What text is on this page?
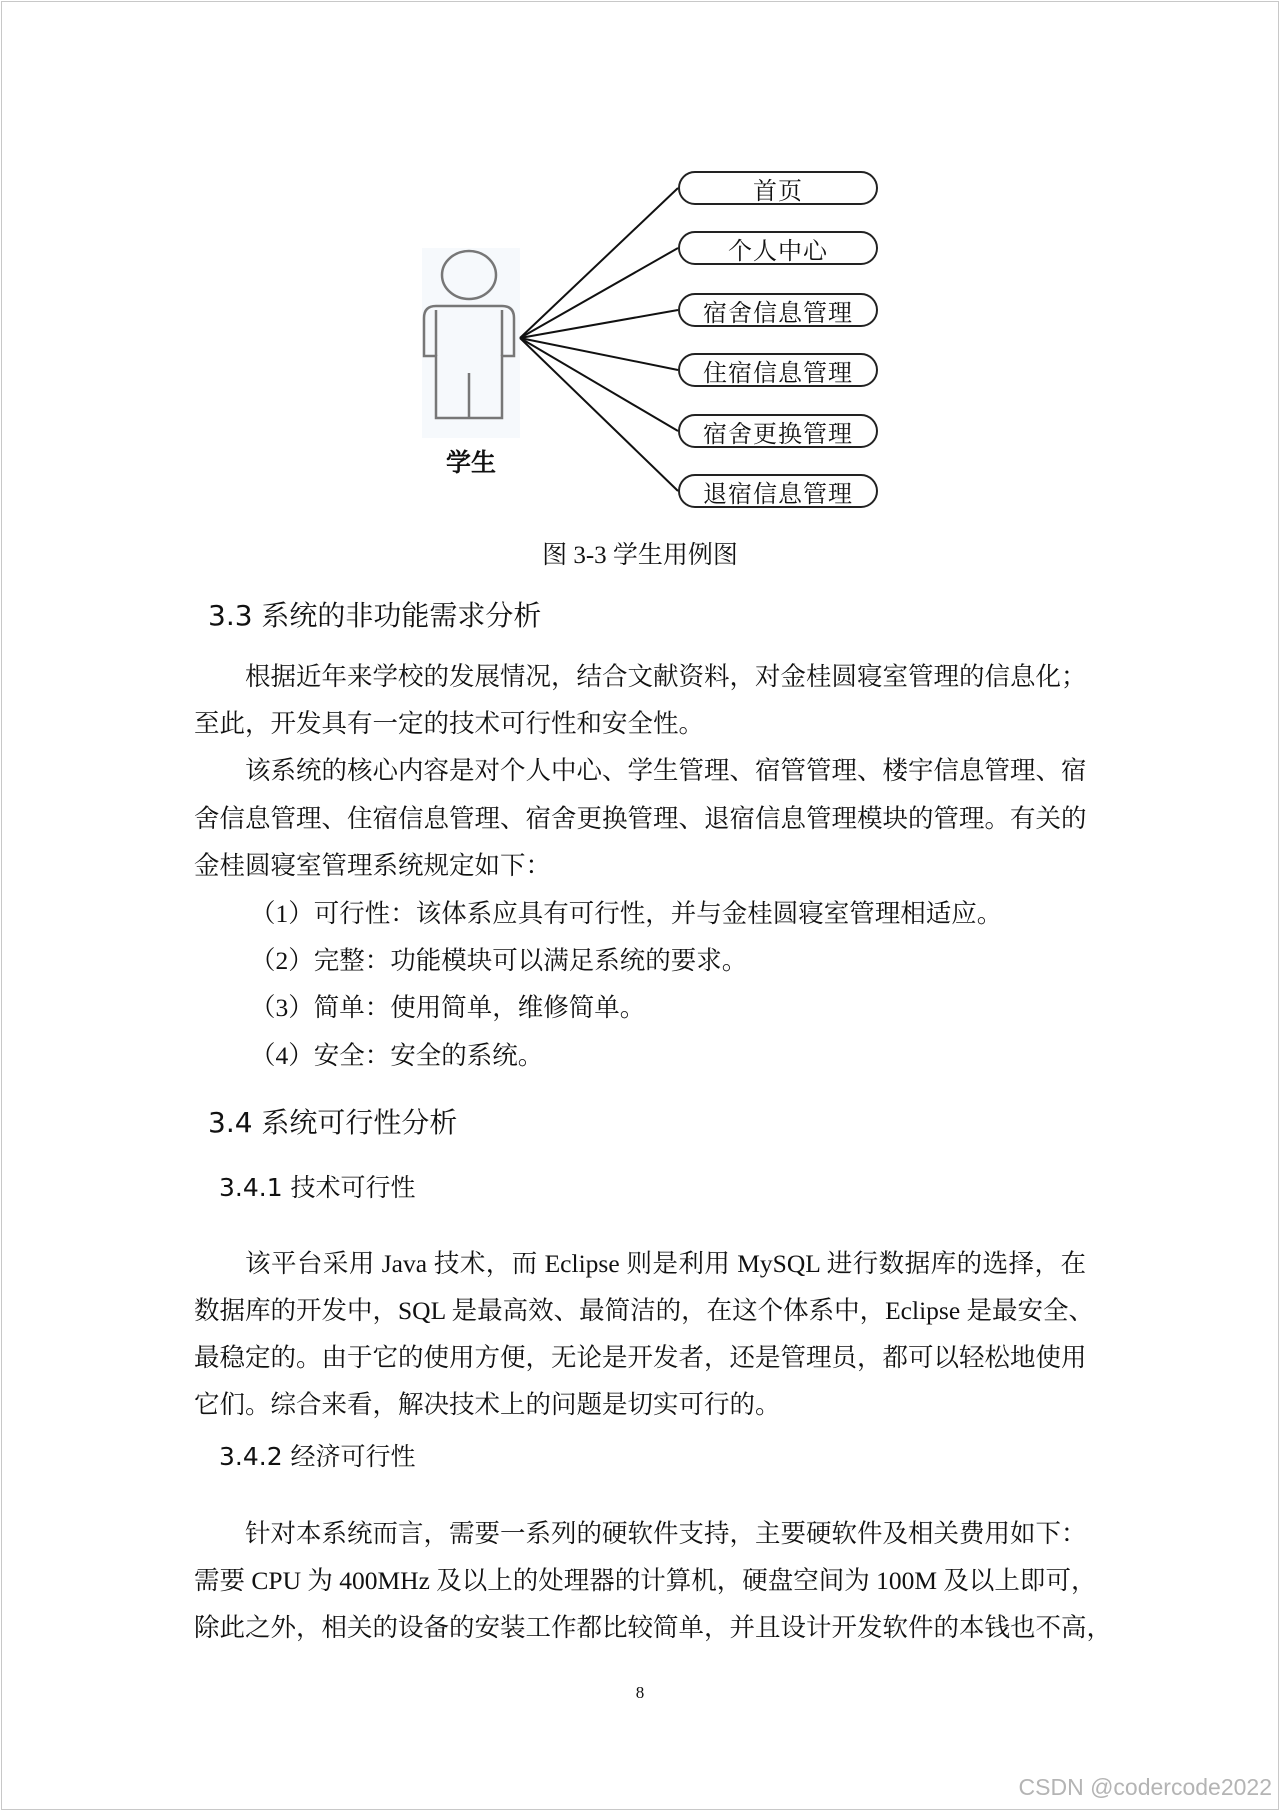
学生
首页
个人中心
宿舍信息管理
住宿信息管理
宿舍更换管理
退宿信息管理
图 3-3 学生用例图
3.3 系统的非功能需求分析
根据近年来学校的发展情况，结合文献资料，对金桂圆寝室管理的信息化；
至此，开发具有一定的技术可行性和安全性。
该系统的核心内容是对个人中心、学生管理、宿管管理、楼宇信息管理、宿
舍信息管理、住宿信息管理、宿舍更换管理、退宿信息管理模块的管理。有关的
金桂圆寝室管理系统规定如下：
（1）可行性：该体系应具有可行性，并与金桂圆寝室管理相适应。
（2）完整：功能模块可以满足系统的要求。
（3）简单：使用简单，维修简单。
（4）安全：安全的系统。
3.4 系统可行性分析
3.4.1 技术可行性
该平台采用 Java 技术，而 Eclipse 则是利用 MySQL 进行数据库的选择，在
数据库的开发中，SQL 是最高效、最简洁的，在这个体系中，Eclipse 是最安全、
最稳定的。由于它的使用方便，无论是开发者，还是管理员，都可以轻松地使用
它们。综合来看，解决技术上的问题是切实可行的。
3.4.2 经济可行性
针对本系统而言，需要一系列的硬软件支持，主要硬软件及相关费用如下：
需要 CPU 为 400MHz 及以上的处理器的计算机，硬盘空间为 100M 及以上即可，
除此之外，相关的设备的安装工作都比较简单，并且设计开发软件的本钱也不高，
8
CSDN @codercode2022
